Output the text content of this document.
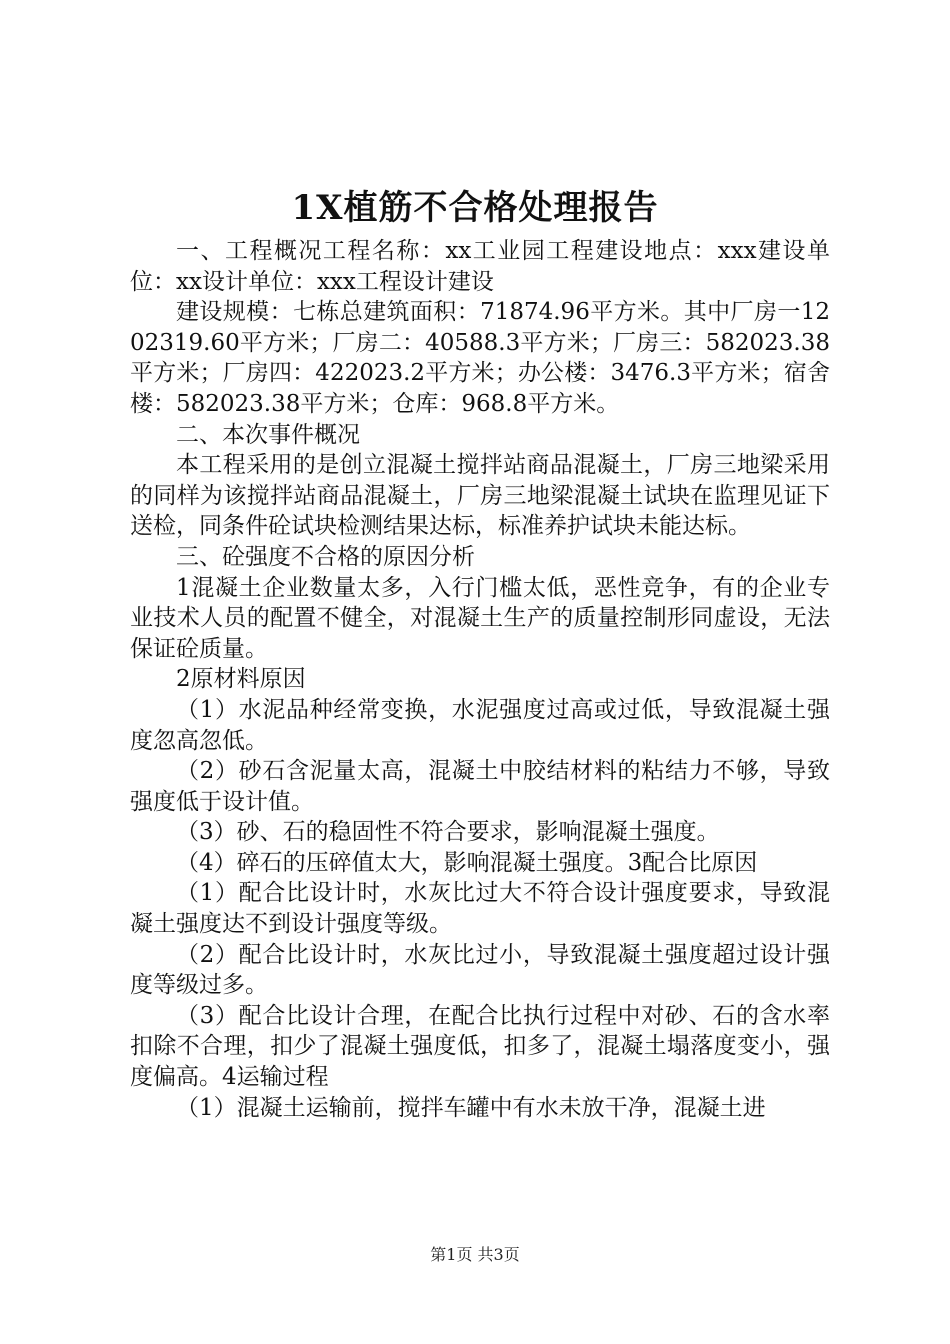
1X植筋不合格处理报告

一、工程概况工程名称：xx工业园工程建设地点：xxx建设单位：xx设计单位：xxx工程设计建设

建设规模：七栋总建筑面积：71874.96平方米。其中厂房一1202319.60平方米；厂房二：40588.3平方米；厂房三：582023.38平方米；厂房四：422023.2平方米；办公楼：3476.3平方米；宿舍楼：582023.38平方米；仓库：968.8平方米。

二、本次事件概况

本工程采用的是创立混凝土搅拌站商品混凝土，厂房三地梁采用的同样为该搅拌站商品混凝土，厂房三地梁混凝土试块在监理见证下送检，同条件砼试块检测结果达标，标准养护试块未能达标。

三、砼强度不合格的原因分析

1混凝土企业数量太多，入行门槛太低，恶性竞争，有的企业专业技术人员的配置不健全，对混凝土生产的质量控制形同虚设，无法保证砼质量。

2原材料原因

（1）水泥品种经常变换，水泥强度过高或过低，导致混凝土强度忽高忽低。

（2）砂石含泥量太高，混凝土中胶结材料的粘结力不够，导致强度低于设计值。

（3）砂、石的稳固性不符合要求，影响混凝土强度。

（4）碎石的压碎值太大，影响混凝土强度。3配合比原因

（1）配合比设计时，水灰比过大不符合设计强度要求，导致混凝土强度达不到设计强度等级。

（2）配合比设计时，水灰比过小，导致混凝土强度超过设计强度等级过多。

（3）配合比设计合理，在配合比执行过程中对砂、石的含水率扣除不合理，扣少了混凝土强度低，扣多了，混凝土塌落度变小，强度偏高。4运输过程

（1）混凝土运输前，搅拌车罐中有水未放干净，混凝土进

第1页 共3页
